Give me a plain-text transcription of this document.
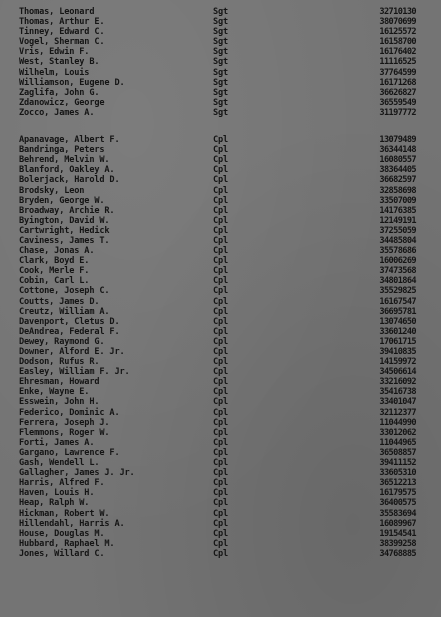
Thomas, Leonard	Sgt	32710130
Thomas, Arthur E.	Sgt	38070699
Tinney, Edward C.	Sgt	16125572
Vogel, Sherman C.	Sgt	16158700
Vris, Edwin F.	Sgt	16176402
West, Stanley B.	Sgt	11116525
Wilhelm, Louis	Sgt	37764599
Williamson, Eugene D.	Sgt	16171268
Zaglifa, John G.	Sgt	36626827
Zdanowicz, George	Sgt	36559549
Zocco, James A.	Sgt	31197772
Apanavage, Albert F.	Cpl	13079489
Bandringa, Peters	Cpl	36344148
Behrend, Melvin W.	Cpl	16080557
Blanford, Oakley A.	Cpl	38364405
Bolerjack, Harold D.	Cpl	36682597
Brodsky, Leon	Cpl	32858698
Bryden, George W.	Cpl	33507009
Broadway, Archie R.	Cpl	14176385
Byington, David W.	Cpl	12149191
Cartwright, Hedick	Cpl	37255059
Caviness, James T.	Cpl	34485804
Chase, Jonas A.	Cpl	35578686
Clark, Boyd E.	Cpl	16006269
Cook, Merle F.	Cpl	37473568
Cobin, Carl L.	Cpl	34801864
Cottone, Joseph C.	Cpl	35529825
Coutts, James D.	Cpl	16167547
Creutz, William A.	Cpl	36695781
Davenport, Cletus D.	Cpl	13074650
DeAndrea, Federal F.	Cpl	33601240
Dewey, Raymond G.	Cpl	17061715
Downer, Alford E. Jr.	Cpl	39410835
Dodson, Rufus R.	Cpl	14159972
Easley, William F. Jr.	Cpl	34506614
Ehresman, Howard	Cpl	33216092
Enke, Wayne E.	Cpl	35416738
Esswein, John H.	Cpl	33401047
Federico, Dominic A.	Cpl	32112377
Ferrera, Joseph J.	Cpl	11044990
Flemmons, Roger W.	Cpl	33012062
Forti, James A.	Cpl	11044965
Gargano, Lawrence F.	Cpl	36508857
Gash, Wendell L.	Cpl	39411152
Gallagher, James J. Jr.	Cpl	33605310
Harris, Alfred F.	Cpl	36512213
Haven, Louis H.	Cpl	16179575
Heap, Ralph W.	Cpl	36400575
Hickman, Robert W.	Cpl	35583694
Hillendahl, Harris A.	Cpl	16089967
House, Douglas M.	Cpl	19154541
Hubbard, Raphael M.	Cpl	38399258
Jones, Willard C.	Cpl	34768885
